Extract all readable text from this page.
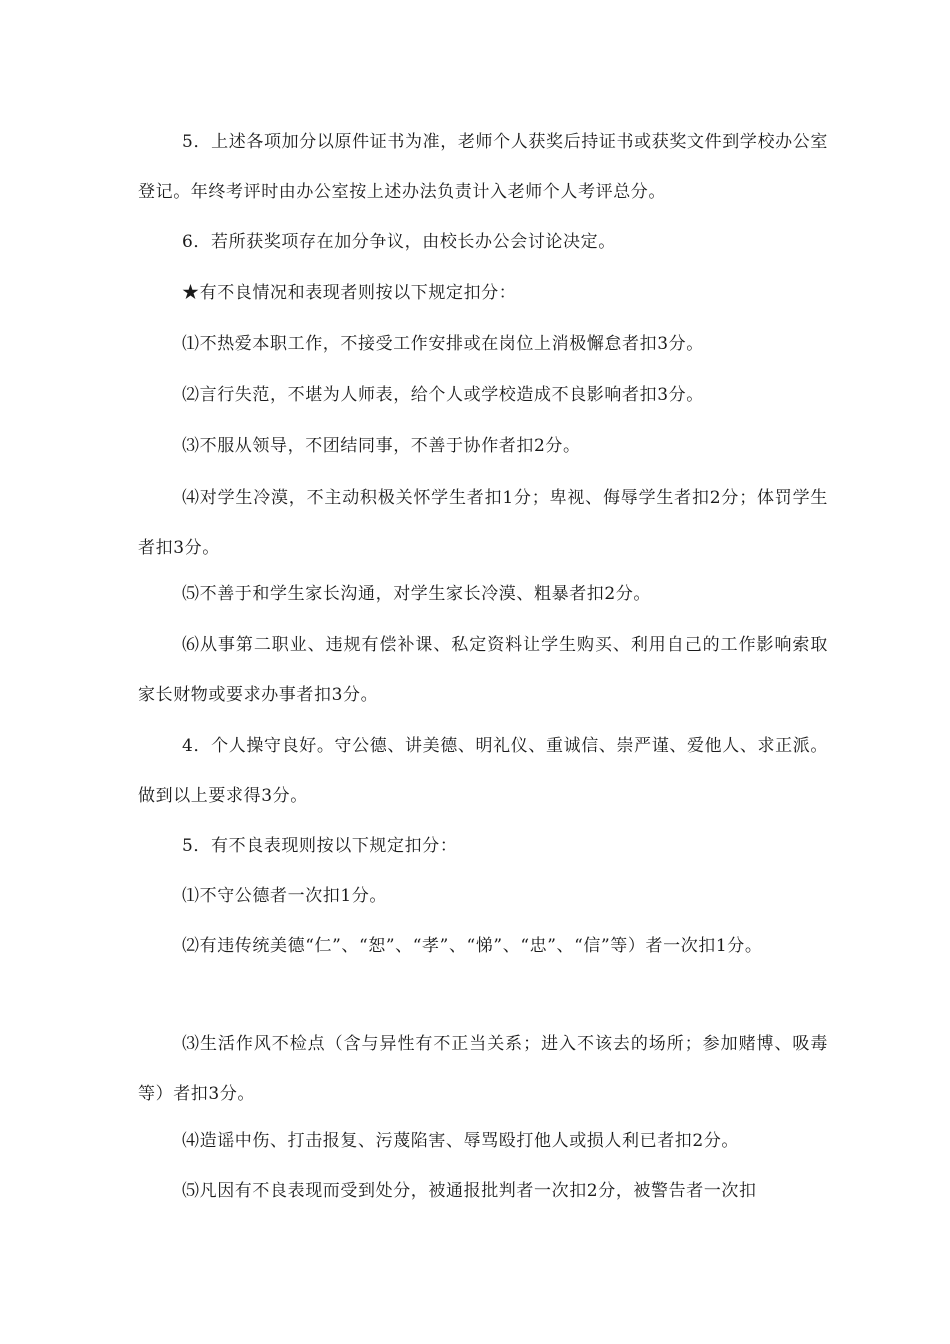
5．上述各项加分以原件证书为准，老师个人获奖后持证书或获奖文件到学校办公室登记。年终考评时由办公室按上述办法负责计入老师个人考评总分。

6．若所获奖项存在加分争议，由校长办公会讨论决定。

★有不良情况和表现者则按以下规定扣分：

⑴不热爱本职工作，不接受工作安排或在岗位上消极懈怠者扣3分。

⑵言行失范，不堪为人师表，给个人或学校造成不良影响者扣3分。

⑶不服从领导，不团结同事，不善于协作者扣2分。

⑷对学生冷漠，不主动积极关怀学生者扣1分；卑视、侮辱学生者扣2分；体罚学生者扣3分。

⑸不善于和学生家长沟通，对学生家长冷漠、粗暴者扣2分。

⑹从事第二职业、违规有偿补课、私定资料让学生购买、利用自己的工作影响索取家长财物或要求办事者扣3分。

4．个人操守良好。守公德、讲美德、明礼仪、重诚信、崇严谨、爱他人、求正派。做到以上要求得3分。

5．有不良表现则按以下规定扣分：

⑴不守公德者一次扣1分。

⑵有违传统美德“仁”、“恕”、“孝”、“悌”、“忠”、“信”等）者一次扣1分。

⑶生活作风不检点（含与异性有不正当关系；进入不该去的场所；参加赌博、吸毒等）者扣3分。

⑷造谣中伤、打击报复、污蔑陷害、辱骂殴打他人或损人利已者扣2分。

⑸凡因有不良表现而受到处分，被通报批判者一次扣2分，被警告者一次扣
